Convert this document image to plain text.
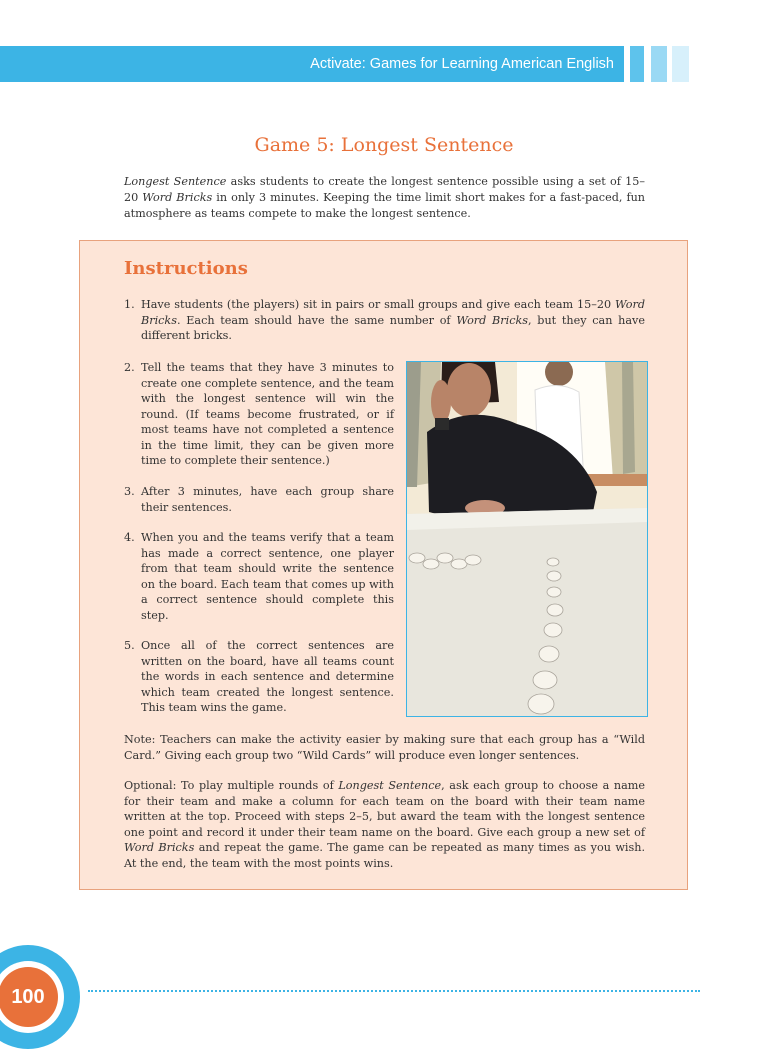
Activate: Games for Learning American English
Game 5: Longest Sentence

Longest Sentence asks students to create the longest sentence possible using a set of 15–20 Word Bricks in only 3 minutes. Keeping the time limit short makes for a fast-paced, fun atmosphere as teams compete to make the longest sentence.

Instructions
1. Have students (the players) sit in pairs or small groups and give each team 15–20 Word Bricks. Each team should have the same number of Word Bricks, but they can have different bricks.
2. Tell the teams that they have 3 minutes to create one complete sentence, and the team with the longest sentence will win the round. (If teams become frustrated, or if most teams have not completed a sentence in the time limit, they can be given more time to complete their sentence.)
3. After 3 minutes, have each group share their sentences.
4. When you and the teams verify that a team has made a correct sentence, one player from that team should write the sentence on the board. Each team that comes up with a correct sentence should complete this step.
5. Once all of the correct sentences are written on the board, have all teams count the words in each sentence and determine which team created the longest sentence. This team wins the game.

Note: Teachers can make the activity easier by making sure that each group has a “Wild Card.” Giving each group two “Wild Cards” will produce even longer sentences.

Optional: To play multiple rounds of Longest Sentence, ask each group to choose a name for their team and make a column for each team on the board with their team name written at the top. Proceed with steps 2–5, but award the team with the longest sentence one point and record it under their team name on the board. Give each group a new set of Word Bricks and repeat the game. The game can be repeated as many times as you wish. At the end, the team with the most points wins.

100
